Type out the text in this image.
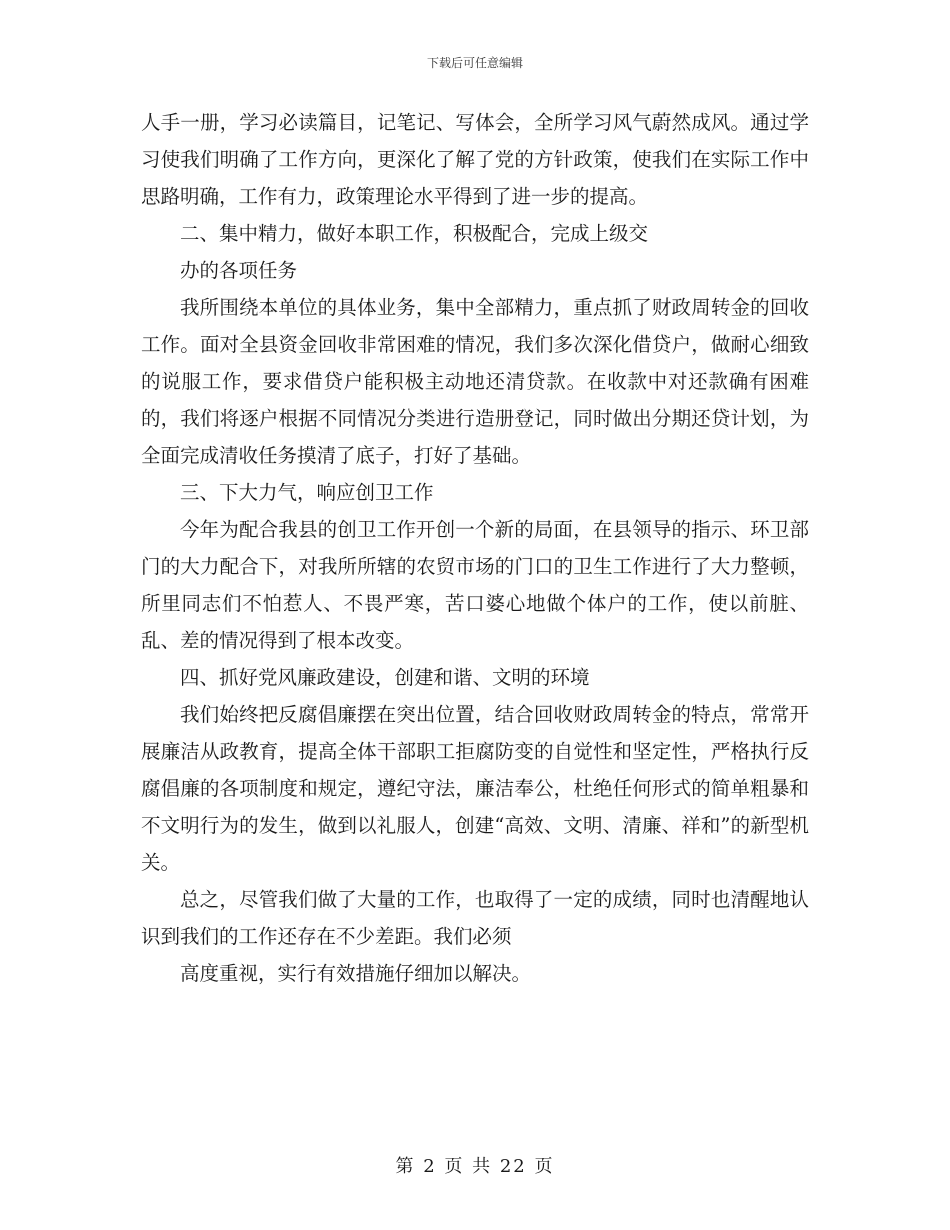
下载后可任意编辑

人手一册，学习必读篇目，记笔记、写体会，全所学习风气蔚然成风。通过学习使我们明确了工作方向，更深化了解了党的方针政策，使我们在实际工作中思路明确，工作有力，政策理论水平得到了进一步的提高。

二、集中精力，做好本职工作，积极配合，完成上级交

办的各项任务

我所围绕本单位的具体业务，集中全部精力，重点抓了财政周转金的回收工作。面对全县资金回收非常困难的情况，我们多次深化借贷户，做耐心细致的说服工作，要求借贷户能积极主动地还清贷款。在收款中对还款确有困难的，我们将逐户根据不同情况分类进行造册登记，同时做出分期还贷计划，为全面完成清收任务摸清了底子，打好了基础。

三、下大力气，响应创卫工作

今年为配合我县的创卫工作开创一个新的局面，在县领导的指示、环卫部门的大力配合下，对我所所辖的农贸市场的门口的卫生工作进行了大力整顿，所里同志们不怕惹人、不畏严寒，苦口婆心地做个体户的工作，使以前脏、乱、差的情况得到了根本改变。

四、抓好党风廉政建设，创建和谐、文明的环境

我们始终把反腐倡廉摆在突出位置，结合回收财政周转金的特点，常常开展廉洁从政教育，提高全体干部职工拒腐防变的自觉性和坚定性，严格执行反腐倡廉的各项制度和规定，遵纪守法，廉洁奉公，杜绝任何形式的简单粗暴和不文明行为的发生，做到以礼服人，创建“高效、文明、清廉、祥和”的新型机关。

总之，尽管我们做了大量的工作，也取得了一定的成绩，同时也清醒地认识到我们的工作还存在不少差距。我们必须

高度重视，实行有效措施仔细加以解决。

第 2 页 共 22 页
